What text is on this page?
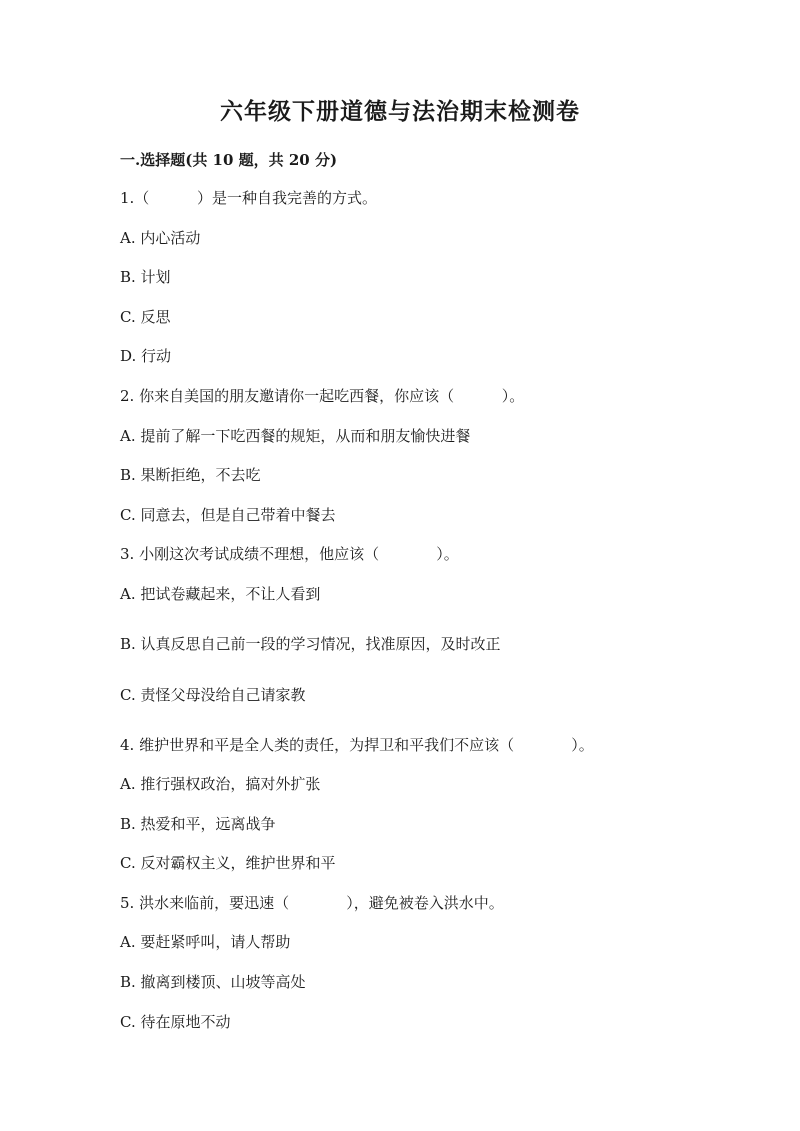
六年级下册道德与法治期末检测卷
一.选择题(共 10 题，共 20 分)
1.（          ）是一种自我完善的方式。
A. 内心活动
B. 计划
C. 反思
D. 行动
2. 你来自美国的朋友邀请你一起吃西餐，你应该（          ）。
A. 提前了解一下吃西餐的规矩，从而和朋友愉快进餐
B. 果断拒绝，不去吃
C. 同意去，但是自己带着中餐去
3. 小刚这次考试成绩不理想，他应该（            ）。
A. 把试卷藏起来，不让人看到
B. 认真反思自己前一段的学习情况，找准原因，及时改正
C. 责怪父母没给自己请家教
4. 维护世界和平是全人类的责任，为捍卫和平我们不应该（            ）。
A. 推行强权政治，搞对外扩张
B. 热爱和平，远离战争
C. 反对霸权主义，维护世界和平
5. 洪水来临前，要迅速（            ），避免被卷入洪水中。
A. 要赶紧呼叫，请人帮助
B. 撤离到楼顶、山坡等高处
C. 待在原地不动
